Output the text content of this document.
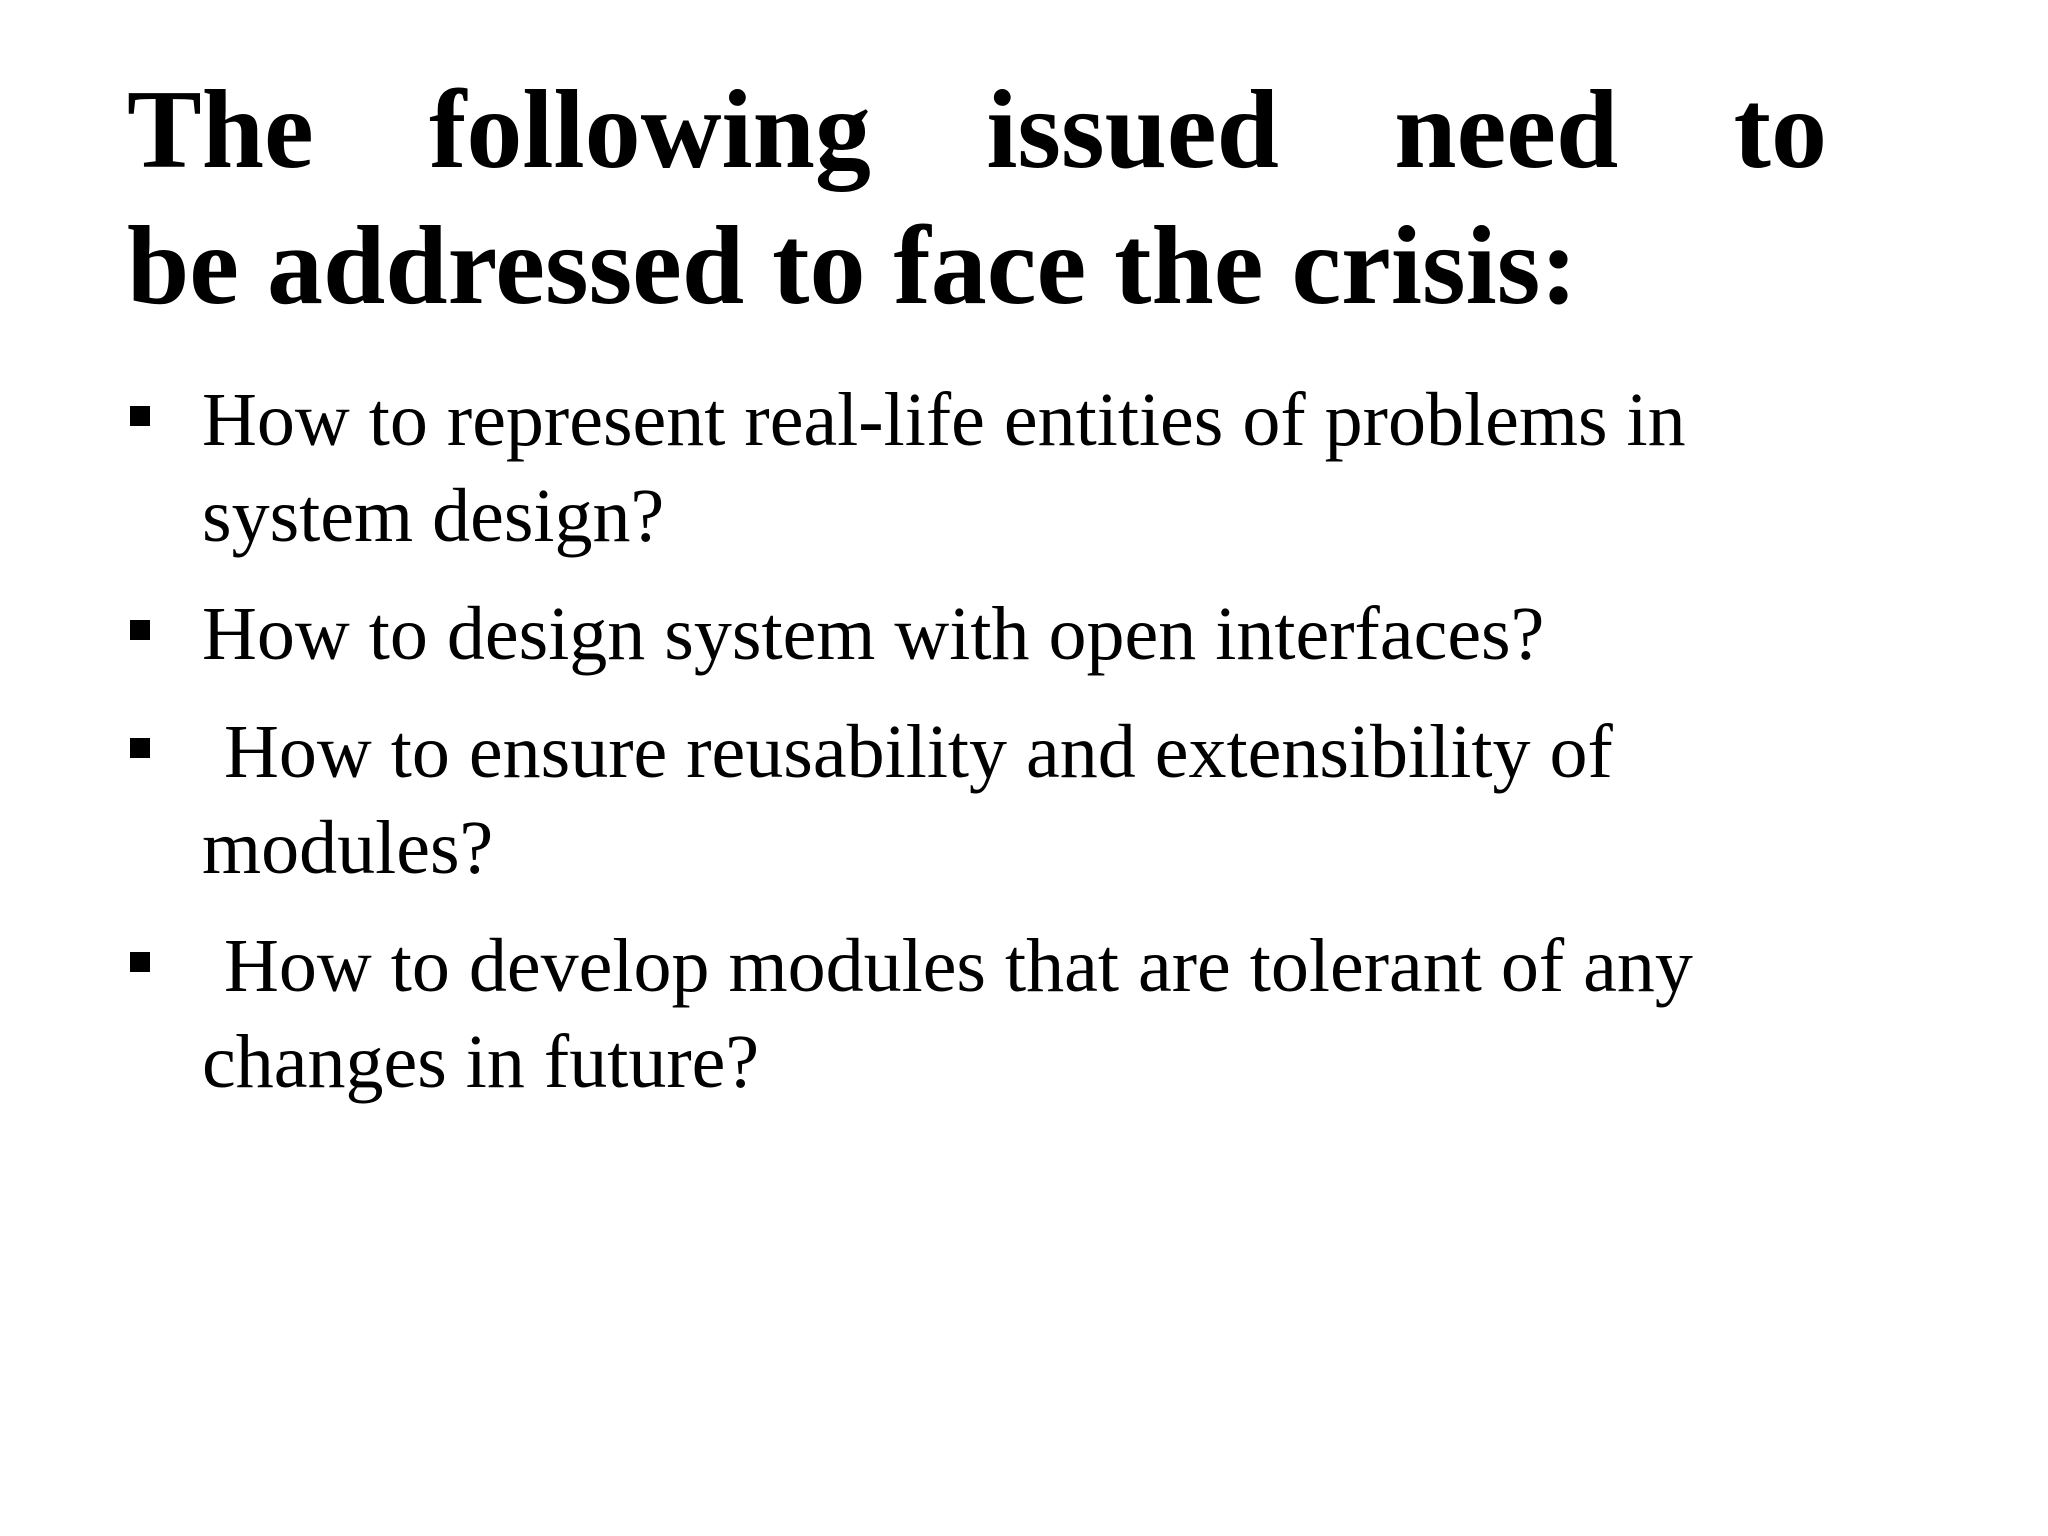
The following issued need to
be addressed to face the crisis:
How to represent real-life entities of problems in system design?
How to design system with open interfaces?
How to ensure reusability and extensibility of modules?
How to develop modules that are tolerant of any changes in future?
